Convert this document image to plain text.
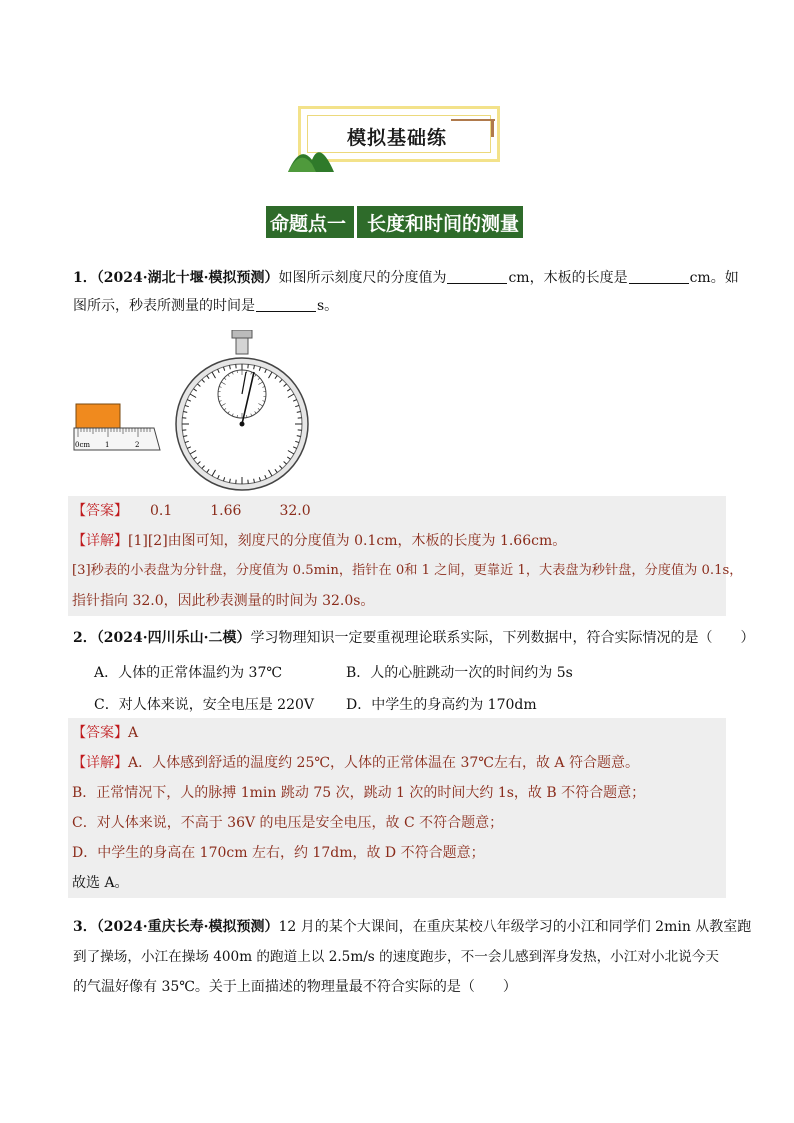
模拟基础练
命题点一	长度和时间的测量
1．（2024·湖北十堰·模拟预测）如图所示刻度尺的分度值为	cm，木板的长度是	cm。如
图所示，秒表所测量的时间是	s。
0cm 1	2
【答案】 0.1	1.66	32.0
【详解】[1][2]由图可知，刻度尺的分度值为 0.1cm，木板的长度为 1.66cm。
[3]秒表的小表盘为分针盘，分度值为 0.5min，指针在 0和 1 之间，更靠近 1，大表盘为秒针盘，分度值为 0.1s，
指针指向 32.0，因此秒表测量的时间为 32.0s。
2．（2024·四川乐山·二模）学习物理知识一定要重视理论联系实际，下列数据中，符合实际情况的是（　　）
A．人体的正常体温约为 37℃	B．人的心脏跳动一次的时间约为 5s
C．对人体来说，安全电压是 220V D．中学生的身高约为 170dm
【答案】A
【详解】A．人体感到舒适的温度约 25℃，人体的正常体温在 37℃左右，故 A 符合题意。
B．正常情况下，人的脉搏 1min 跳动 75 次，跳动 1 次的时间大约 1s，故 B 不符合题意；
C．对人体来说，不高于 36V 的电压是安全电压，故 C 不符合题意；
D．中学生的身高在 170cm 左右，约 17dm，故 D 不符合题意；
故选 A。
3．（2024·重庆长寿·模拟预测）12 月的某个大课间，在重庆某校八年级学习的小江和同学们 2min 从教室跑
到了操场，小江在操场 400m 的跑道上以 2.5m/s 的速度跑步，不一会儿感到浑身发热，小江对小北说今天
的气温好像有 35℃。关于上面描述的物理量最不符合实际的是（　　）
